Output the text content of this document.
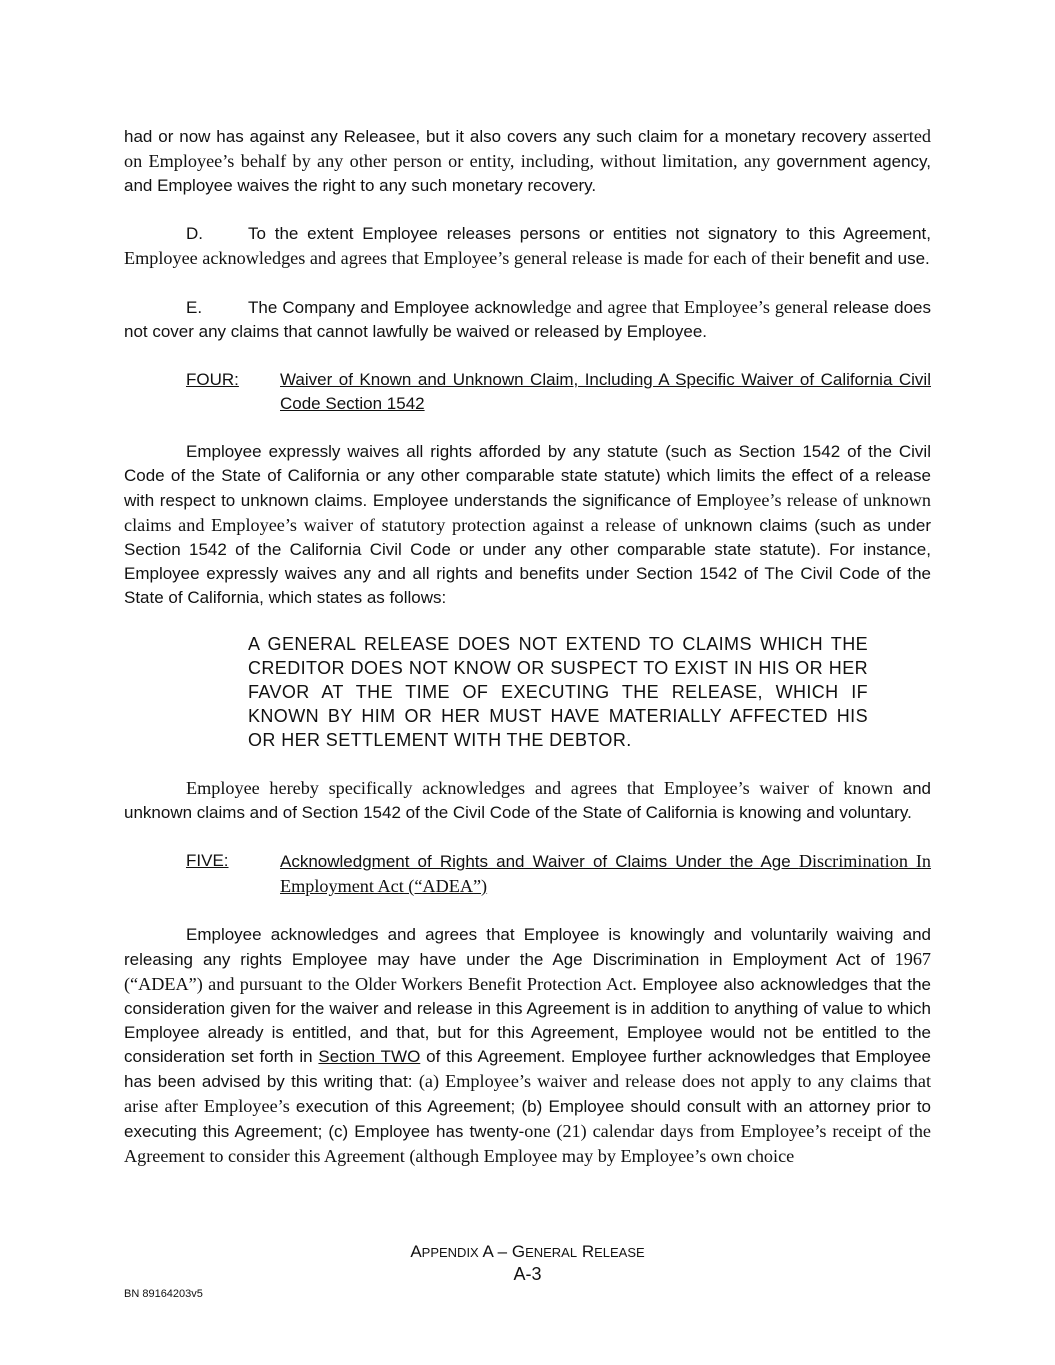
had or now has against any Releasee, but it also covers any such claim for a monetary recovery asserted on Employee’s behalf by any other person or entity, including, without limitation, any government agency, and Employee waives the right to any such monetary recovery.

D.	To the extent Employee releases persons or entities not signatory to this Agreement, Employee acknowledges and agrees that Employee’s general release is made for each of their benefit and use.

E.	The Company and Employee acknowledge and agree that Employee’s general release does not cover any claims that cannot lawfully be waived or released by Employee.

FOUR:	Waiver of Known and Unknown Claim, Including A Specific Waiver of California Civil Code Section 1542

Employee expressly waives all rights afforded by any statute (such as Section 1542 of the Civil Code of the State of California or any other comparable state statute) which limits the effect of a release with respect to unknown claims. Employee understands the significance of Employee’s release of unknown claims and Employee’s waiver of statutory protection against a release of unknown claims (such as under Section 1542 of the California Civil Code or under any other comparable state statute). For instance, Employee expressly waives any and all rights and benefits under Section 1542 of The Civil Code of the State of California, which states as follows:

A GENERAL RELEASE DOES NOT EXTEND TO CLAIMS WHICH THE CREDITOR DOES NOT KNOW OR SUSPECT TO EXIST IN HIS OR HER FAVOR AT THE TIME OF EXECUTING THE RELEASE, WHICH IF KNOWN BY HIM OR HER MUST HAVE MATERIALLY AFFECTED HIS OR HER SETTLEMENT WITH THE DEBTOR.

Employee hereby specifically acknowledges and agrees that Employee’s waiver of known and unknown claims and of Section 1542 of the Civil Code of the State of California is knowing and voluntary.

FIVE:	Acknowledgment of Rights and Waiver of Claims Under the Age Discrimination In Employment Act (“ADEA”)

Employee acknowledges and agrees that Employee is knowingly and voluntarily waiving and releasing any rights Employee may have under the Age Discrimination in Employment Act of 1967 (“ADEA”) and pursuant to the Older Workers Benefit Protection Act. Employee also acknowledges that the consideration given for the waiver and release in this Agreement is in addition to anything of value to which Employee already is entitled, and that, but for this Agreement, Employee would not be entitled to the consideration set forth in Section TWO of this Agreement. Employee further acknowledges that Employee has been advised by this writing that: (a) Employee’s waiver and release does not apply to any claims that arise after Employee’s execution of this Agreement; (b) Employee should consult with an attorney prior to executing this Agreement; (c) Employee has twenty-one (21) calendar days from Employee’s receipt of the Agreement to consider this Agreement (although Employee may by Employee’s own choice

APPENDIX A – GENERAL RELEASE
A-3
BN 89164203v5
